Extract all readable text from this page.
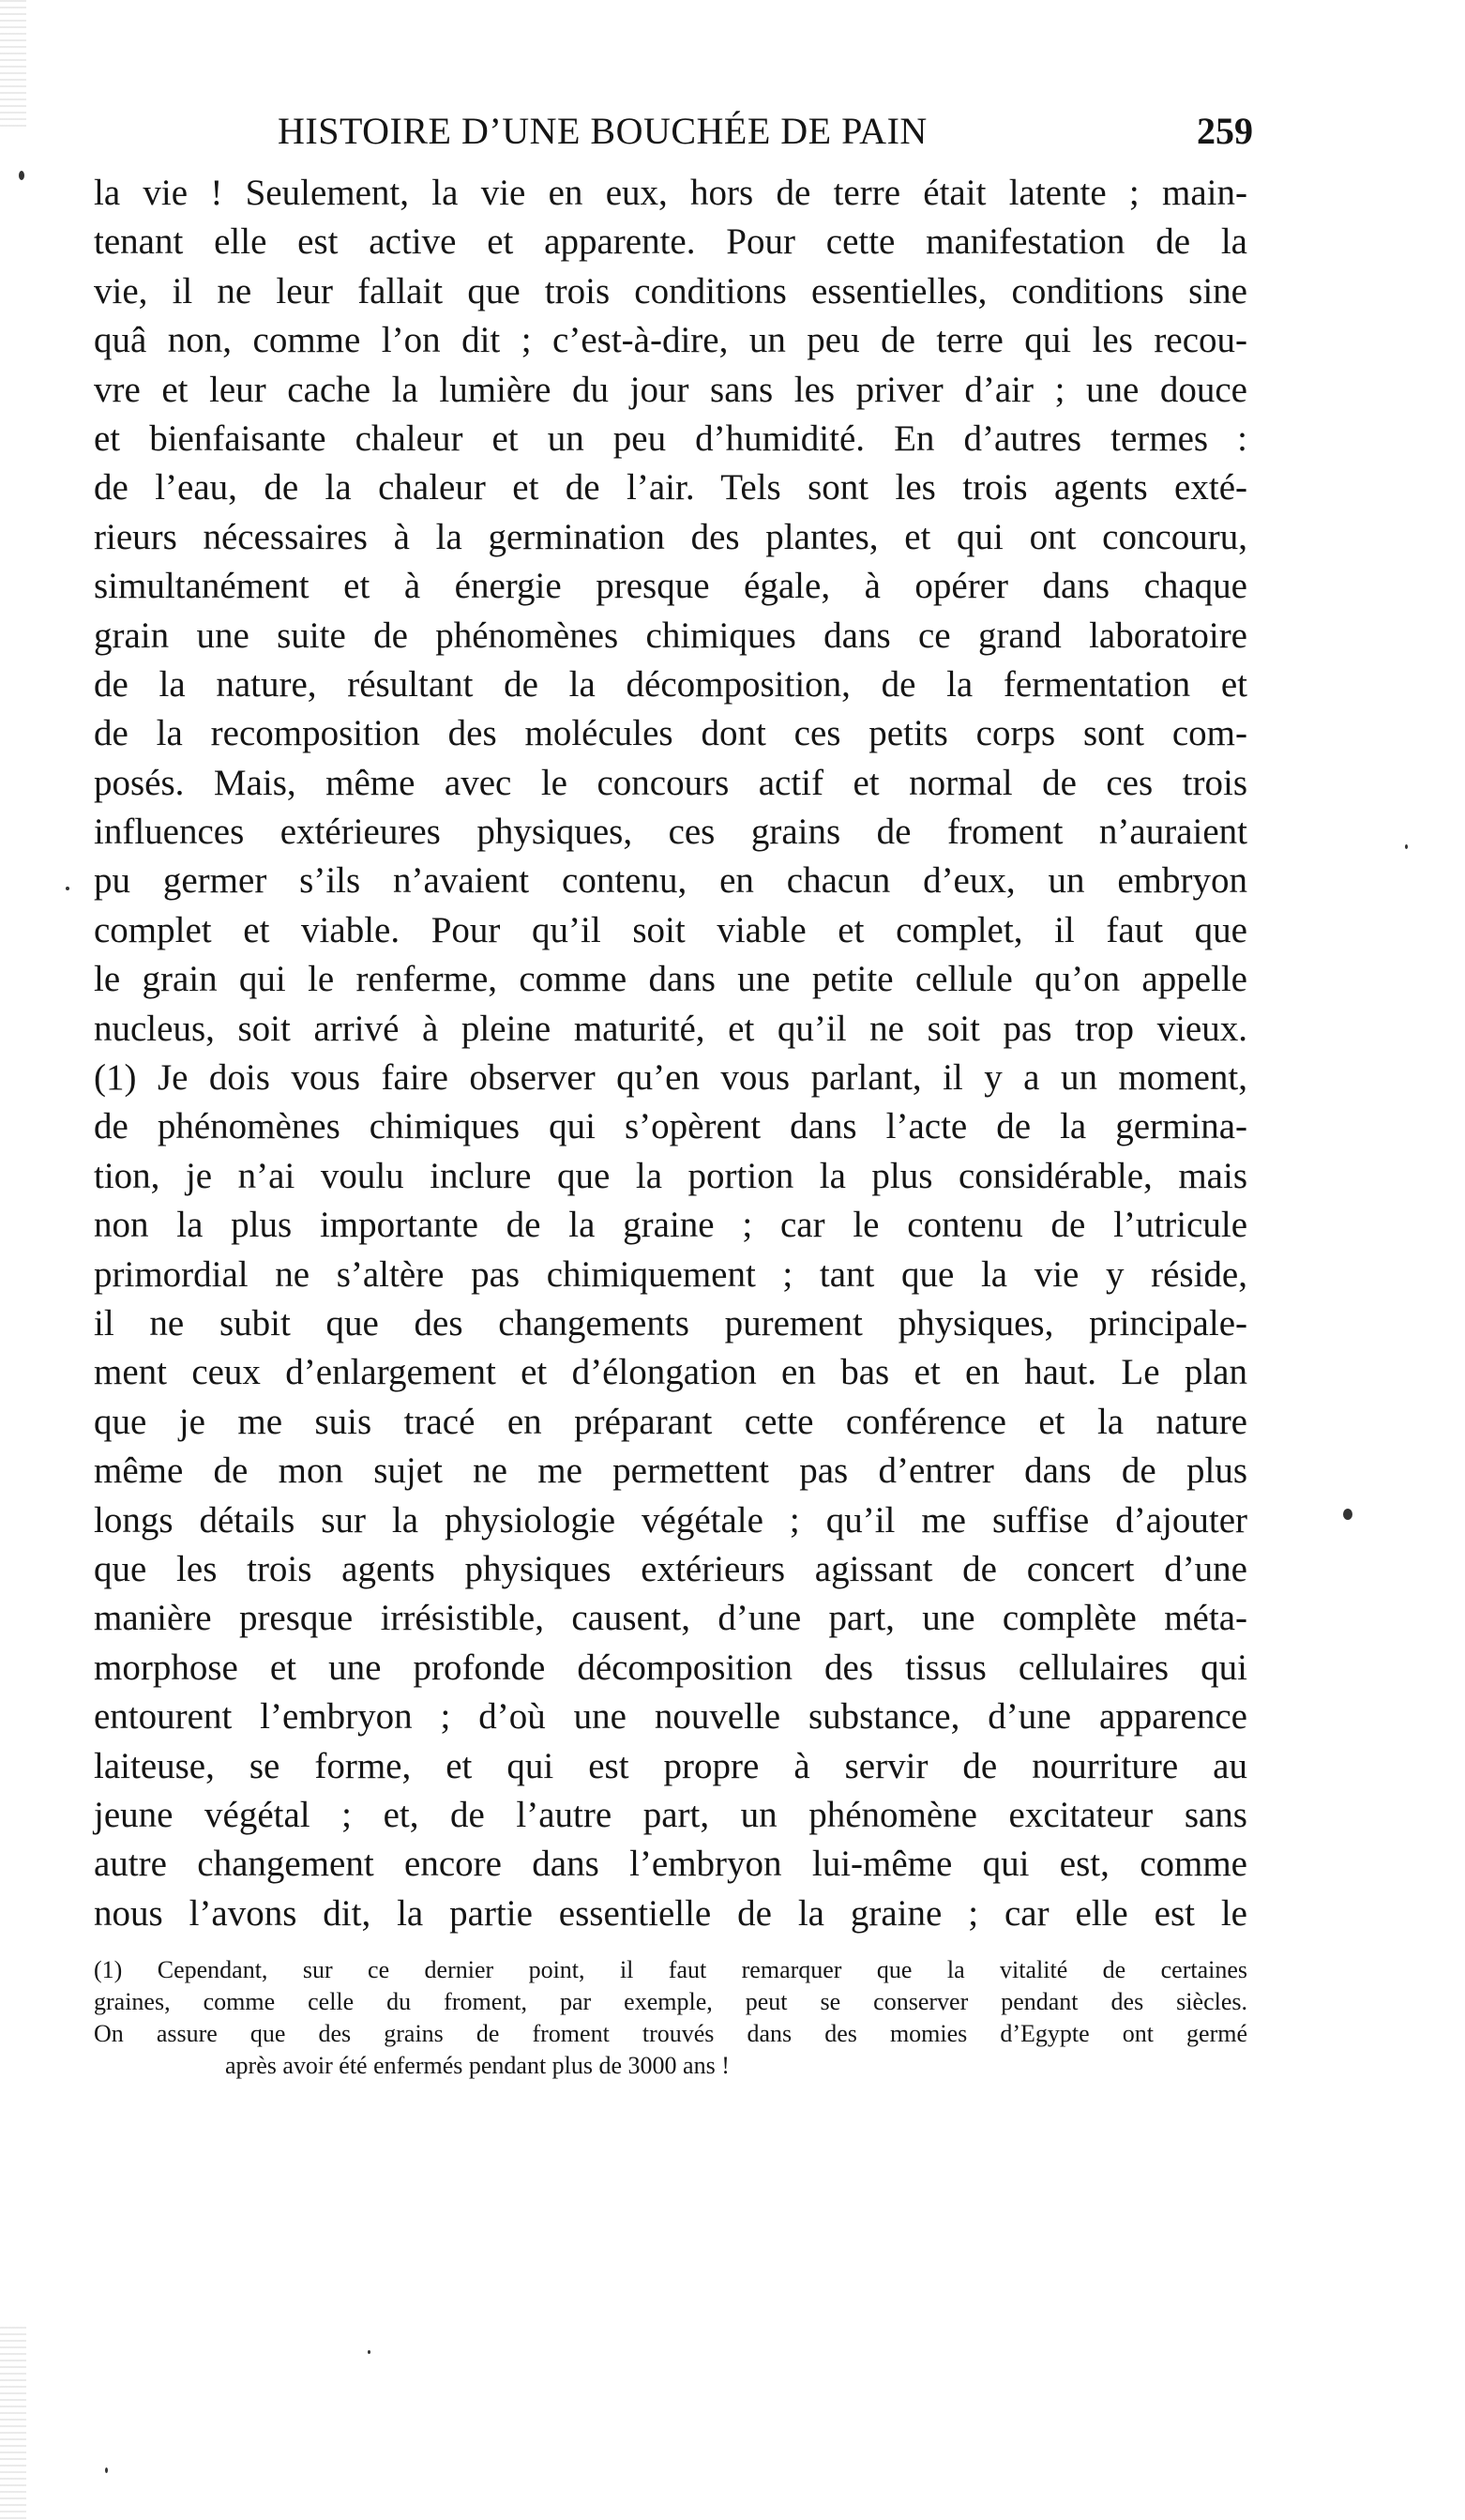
HISTOIRE D’UNE BOUCHÉE DE PAIN	259
la vie ! Seulement, la vie en eux, hors de terre était latente ; main-
tenant elle est active et apparente. Pour cette manifestation de la
vie, il ne leur fallait que trois conditions essentielles, conditions sine
quâ non, comme l’on dit ; c’est-à-dire, un peu de terre qui les recou-
vre et leur cache la lumière du jour sans les priver d’air ; une douce
et bienfaisante chaleur et un peu d’humidité. En d’autres termes :
de l’eau, de la chaleur et de l’air. Tels sont les trois agents exté-
rieurs nécessaires à la germination des plantes, et qui ont concouru,
simultanément et à énergie presque égale, à opérer dans chaque
grain une suite de phénomènes chimiques dans ce grand laboratoire
de la nature, résultant de la décomposition, de la fermentation et
de la recomposition des molécules dont ces petits corps sont com-
posés. Mais, même avec le concours actif et normal de ces trois
influences extérieures physiques, ces grains de froment n’auraient
pu germer s’ils n’avaient contenu, en chacun d’eux, un embryon
complet et viable. Pour qu’il soit viable et complet, il faut que
le grain qui le renferme, comme dans une petite cellule qu’on appelle
nucleus, soit arrivé à pleine maturité, et qu’il ne soit pas trop vieux.
(1) Je dois vous faire observer qu’en vous parlant, il y a un moment,
de phénomènes chimiques qui s’opèrent dans l’acte de la germina-
tion, je n’ai voulu inclure que la portion la plus considérable, mais
non la plus importante de la graine ; car le contenu de l’utricule
primordial ne s’altère pas chimiquement ; tant que la vie y réside,
il ne subit que des changements purement physiques, principale-
ment ceux d’enlargement et d’élongation en bas et en haut. Le plan
que je me suis tracé en préparant cette conférence et la nature
même de mon sujet ne me permettent pas d’entrer dans de plus
longs détails sur la physiologie végétale ; qu’il me suffise d’ajouter
que les trois agents physiques extérieurs agissant de concert d’une
manière presque irrésistible, causent, d’une part, une complète méta-
morphose et une profonde décomposition des tissus cellulaires qui
entourent l’embryon ; d’où une nouvelle substance, d’une apparence
laiteuse, se forme, et qui est propre à servir de nourriture au
jeune végétal ; et, de l’autre part, un phénomène excitateur sans
autre changement encore dans l’embryon lui-même qui est, comme
nous l’avons dit, la partie essentielle de la graine ; car elle est le
(1) Cependant, sur ce dernier point, il faut remarquer que la vitalité de certaines
graines, comme celle du froment, par exemple, peut se conserver pendant des siècles.
On assure que des grains de froment trouvés dans des momies d’Egypte ont germé
après avoir été enfermés pendant plus de 3000 ans !
